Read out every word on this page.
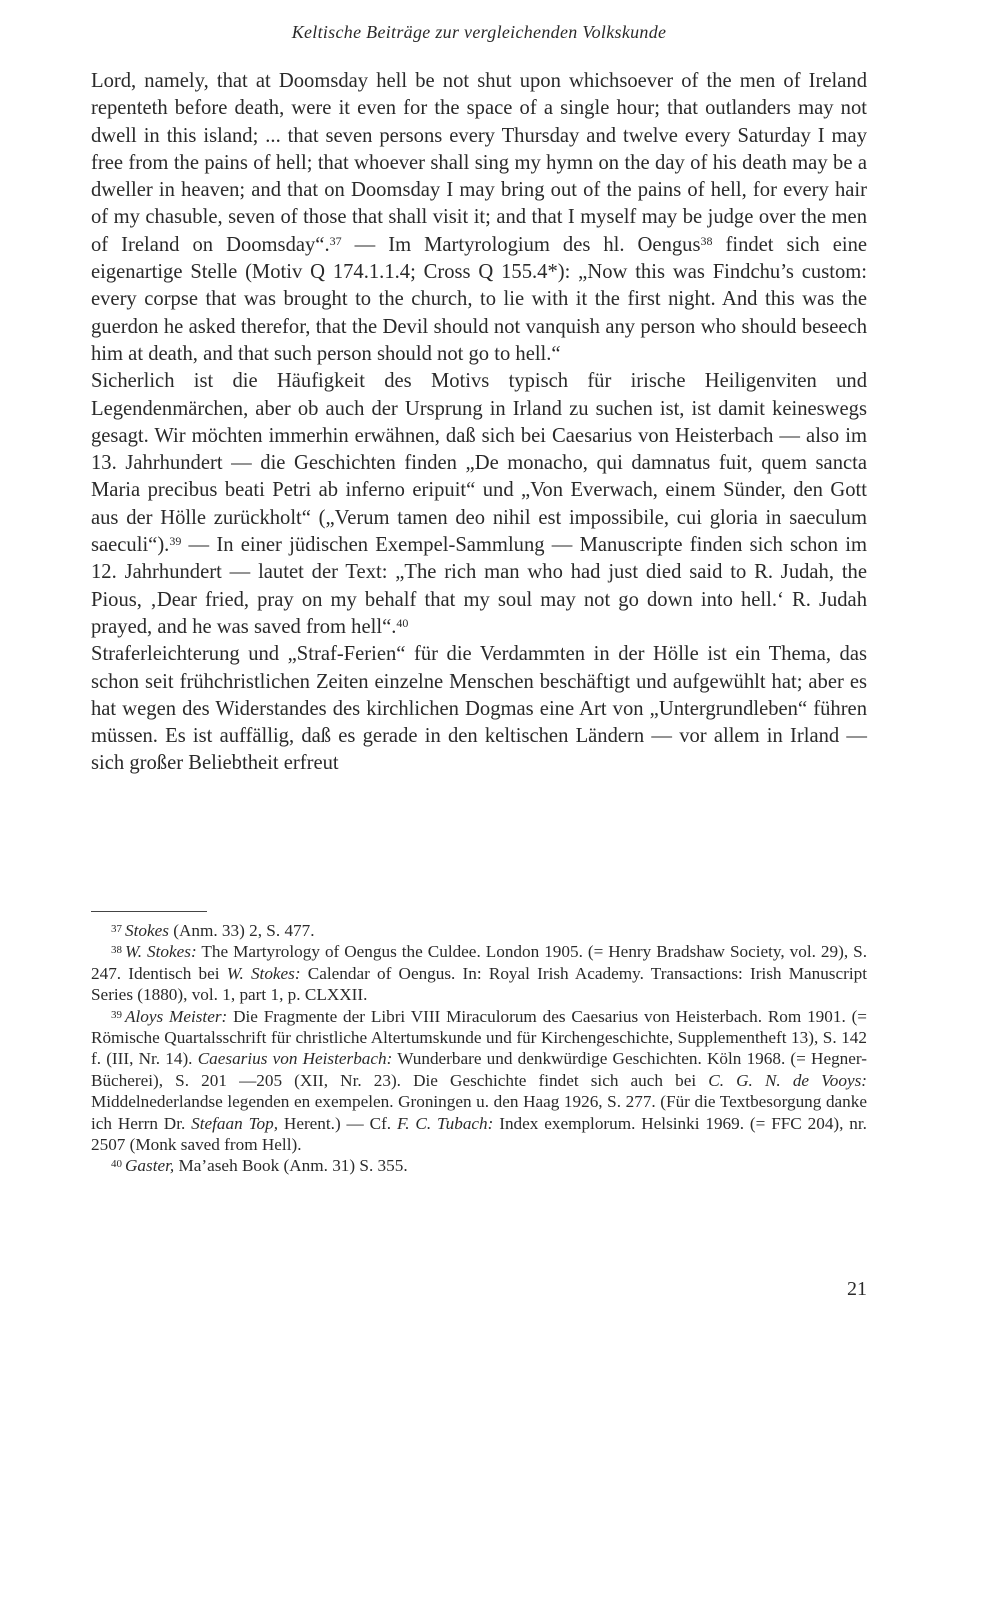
Keltische Beiträge zur vergleichenden Volkskunde

Lord, namely, that at Doomsday hell be not shut upon whichsoever of the men of Ireland repenteth before death, were it even for the space of a single hour; that outlanders may not dwell in this island; ... that seven persons every Thursday and twelve every Saturday I may free from the pains of hell; that whoever shall sing my hymn on the day of his death may be a dweller in heaven; and that on Doomsday I may bring out of the pains of hell, for every hair of my chasuble, seven of those that shall visit it; and that I myself may be judge over the men of Ireland on Doomsday“.$^{37}$ — Im Martyrologium des hl. Oengus$^{38}$ findet sich eine eigenartige Stelle (Motiv Q 174.1.1.4; Cross Q 155.4*): „Now this was Findchu’s custom: every corpse that was brought to the church, to lie with it the first night. And this was the guerdon he asked therefor, that the Devil should not vanquish any person who should beseech him at death, and that such person should not go to hell.“

Sicherlich ist die Häufigkeit des Motivs typisch für irische Heiligenviten und Legendenmärchen, aber ob auch der Ursprung in Irland zu suchen ist, ist damit keineswegs gesagt. Wir möchten immerhin erwähnen, daß sich bei Caesarius von Heisterbach — also im 13. Jahrhundert — die Geschichten finden „De monacho, qui damnatus fuit, quem sancta Maria precibus beati Petri ab inferno eripuit“ und „Von Everwach, einem Sünder, den Gott aus der Hölle zurückholt“ („Verum tamen deo nihil est impossibile, cui gloria in saeculum saeculi“).$^{39}$ — In einer jüdischen Exempel-Sammlung — Manuscripte finden sich schon im 12. Jahrhundert — lautet der Text: „The rich man who had just died said to R. Judah, the Pious, ‚Dear fried, pray on my behalf that my soul may not go down into hell.‘ R. Judah prayed, and he was saved from hell“.$^{40}$

Straferleichterung und „Straf-Ferien“ für die Verdammten in der Hölle ist ein Thema, das schon seit frühchristlichen Zeiten einzelne Menschen beschäftigt und aufgewühlt hat; aber es hat wegen des Widerstandes des kirchlichen Dogmas eine Art von „Untergrundleben“ führen müssen. Es ist auffällig, daß es gerade in den keltischen Ländern — vor allem in Irland — sich großer Beliebtheit erfreut

$^{37}$ Stokes (Anm. 33) 2, S. 477.

$^{38}$ W. Stokes: The Martyrology of Oengus the Culdee. London 1905. (= Henry Bradshaw Society, vol. 29), S. 247. Identisch bei W. Stokes: Calendar of Oengus. In: Royal Irish Academy. Transactions: Irish Manuscript Series (1880), vol. 1, part 1, p. CLXXII.

$^{39}$ Aloys Meister: Die Fragmente der Libri VIII Miraculorum des Caesarius von Heisterbach. Rom 1901. (= Römische Quartalsschrift für christliche Altertumskunde und für Kirchengeschichte, Supplementheft 13), S. 142 f. (III, Nr. 14). Caesarius von Heisterbach: Wunderbare und denkwürdige Geschichten. Köln 1968. (= Hegner-Bücherei), S. 201 —205 (XII, Nr. 23). Die Geschichte findet sich auch bei C. G. N. de Vooys: Middelnederlandse legenden en exempelen. Groningen u. den Haag 1926, S. 277. (Für die Textbesorgung danke ich Herrn Dr. Stefaan Top, Herent.) — Cf. F. C. Tubach: Index exemplorum. Helsinki 1969. (= FFC 204), nr. 2507 (Monk saved from Hell).

$^{40}$ Gaster, Ma’aseh Book (Anm. 31) S. 355.

21
